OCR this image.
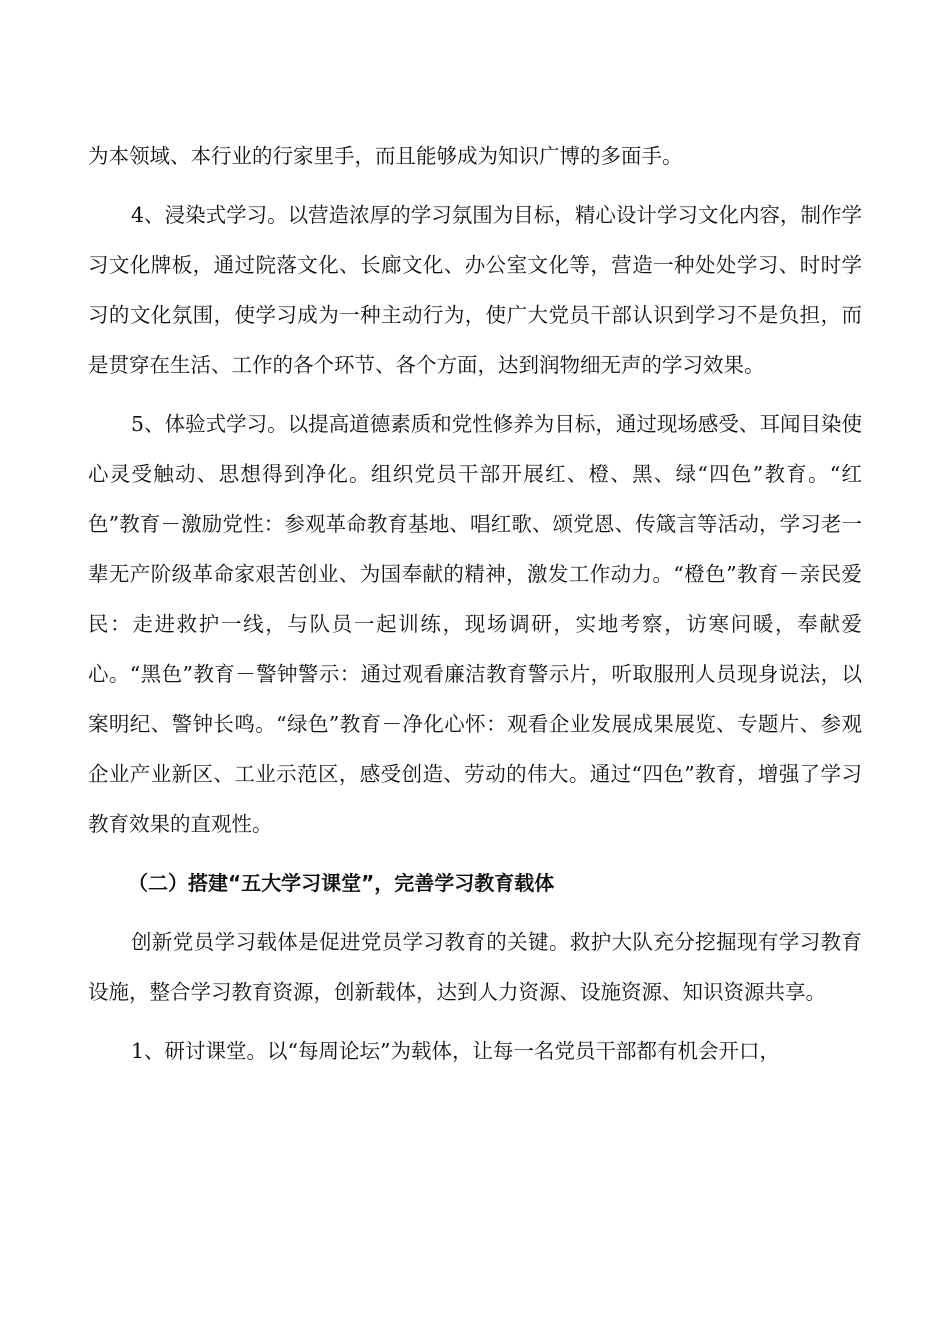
为本领域、本行业的行家里手，而且能够成为知识广博的多面手。

4、浸染式学习。以营造浓厚的学习氛围为目标，精心设计学习文化内容，制作学习文化牌板，通过院落文化、长廊文化、办公室文化等，营造一种处处学习、时时学习的文化氛围，使学习成为一种主动行为，使广大党员干部认识到学习不是负担，而是贯穿在生活、工作的各个环节、各个方面，达到润物细无声的学习效果。

5、体验式学习。以提高道德素质和党性修养为目标，通过现场感受、耳闻目染使心灵受触动、思想得到净化。组织党员干部开展红、橙、黑、绿“四色”教育。“红色”教育－激励党性：参观革命教育基地、唱红歌、颂党恩、传箴言等活动，学习老一辈无产阶级革命家艰苦创业、为国奉献的精神，激发工作动力。“橙色”教育－亲民爱民：走进救护一线，与队员一起训练，现场调研，实地考察，访寒问暖，奉献爱心。“黑色”教育－警钟警示：通过观看廉洁教育警示片，听取服刑人员现身说法，以案明纪、警钟长鸣。“绿色”教育－净化心怀：观看企业发展成果展览、专题片、参观企业产业新区、工业示范区，感受创造、劳动的伟大。通过“四色”教育，增强了学习教育效果的直观性。

（二）搭建“五大学习课堂”，完善学习教育载体

创新党员学习载体是促进党员学习教育的关键。救护大队充分挖掘现有学习教育设施，整合学习教育资源，创新载体，达到人力资源、设施资源、知识资源共享。

1、研讨课堂。以“每周论坛”为载体，让每一名党员干部都有机会开口，
